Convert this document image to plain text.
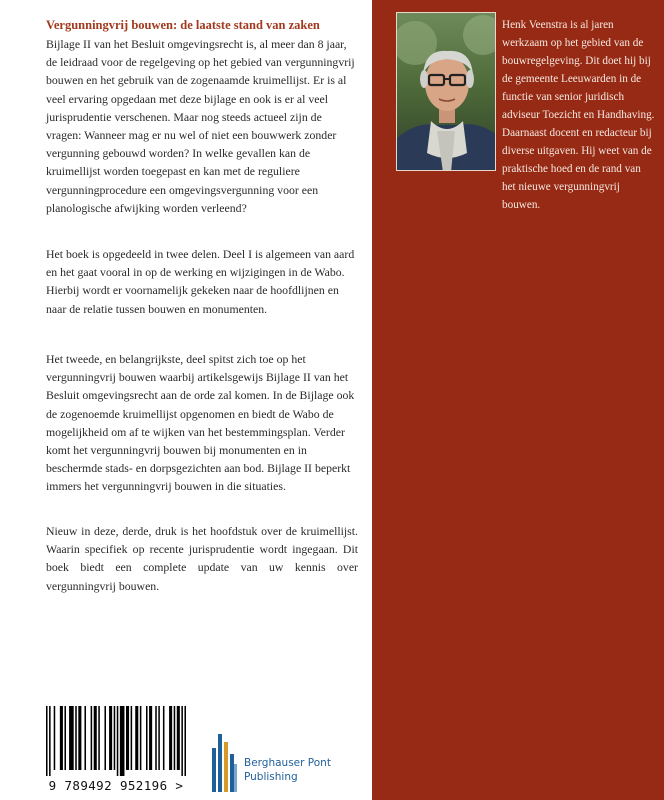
Vergunningvrij bouwen: de laatste stand van zaken

Bijlage II van het Besluit omgevingsrecht is, al meer dan 8 jaar, de leidraad voor de regelgeving op het gebied van vergunningvrij bouwen en het gebruik van de zogenaamde kruimellijst. Er is al veel ervaring opgedaan met deze bijlage en ook is er al veel jurisprudentie verschenen. Maar nog steeds actueel zijn de vragen: Wanneer mag er nu wel of niet een bouwwerk zonder vergunning gebouwd worden? In welke gevallen kan de kruimellijst worden toegepast en kan met de reguliere vergunningprocedure een omgevingsvergunning voor een planologische afwijking worden verleend?

Het boek is opgedeeld in twee delen. Deel I is algemeen van aard en het gaat vooral in op de werking en wijzigingen in de Wabo. Hierbij wordt er voornamelijk gekeken naar de hoofdlijnen en naar de relatie tussen bouwen en monumenten.

Het tweede, en belangrijkste, deel spitst zich toe op het vergunningvrij bouwen waarbij artikelsgewijs Bijlage II van het Besluit omgevingsrecht aan de orde zal komen. In de Bijlage ook de zogenoemde kruimellijst opgenomen en biedt de Wabo de mogelijkheid om af te wijken van het bestemmingsplan. Verder komt het vergunningvrij bouwen bij monumenten en in beschermde stads- en dorpsgezichten aan bod. Bijlage II beperkt immers het vergunningvrij bouwen in die situaties.

Nieuw in deze, derde, druk is het hoofdstuk over de kruimellijst. Waarin specifiek op recente jurisprudentie wordt ingegaan. Dit boek biedt een complete update van uw kennis over vergunningvrij bouwen.

9 789492 952196 >
Berghauser Pont
Publishing

Henk Veenstra is al jaren werkzaam op het gebied van de bouwregelgeving. Dit doet hij bij de gemeente Leeuwarden in de functie van senior juridisch adviseur Toezicht en Handhaving. Daarnaast docent en redacteur bij diverse uitgaven. Hij weet van de praktische hoed en de rand van het nieuwe vergunningvrij bouwen.
